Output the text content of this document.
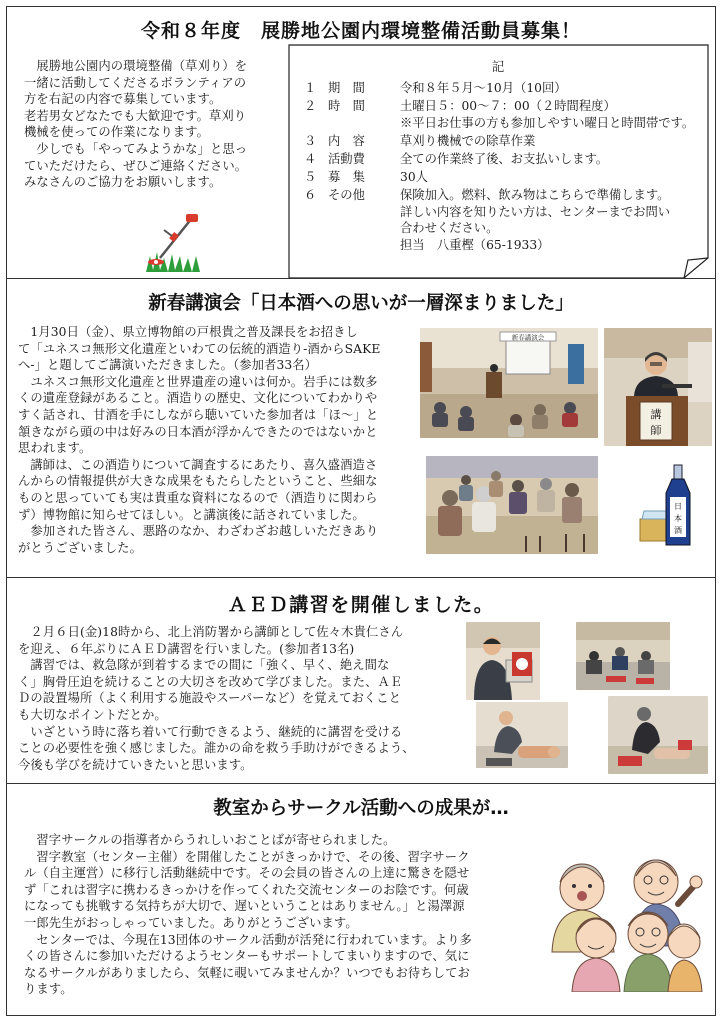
令和８年度　展勝地公園内環境整備活動員募集！

　展勝地公園内の環境整備（草刈り）を
一緒に活動してくださるボランティアの
方を右記の内容で募集しています。
老若男女どなたでも大歓迎です。草刈り
機械を使っての作業になります。
　少しでも「やってみようかな」と思っ
ていただけたら、ぜひご連絡ください。
みなさんのご協力をお願いします。

記
１ 期　間	令和８年５月～10月（10回）
２ 時　間	土曜日５：00～７：00（２時間程度）
※平日お仕事の方も参加しやすい曜日と時間帯です。
３ 内　容	草刈り機械での除草作業
４ 活動費	全ての作業終了後、お支払いします。
５ 募　集	30人
６ その他	保険加入。燃料、飲み物はこちらで準備します。
詳しい内容を知りたい方は、センターまでお問い
合わせください。
担当　八重樫（65-1933）
新春講演会「日本酒への思いが一層深まりました」

　1月30日（金）、県立博物館の戸根貴之普及課長をお招きし
て「ユネスコ無形文化遺産といわての伝統的酒造り-酒からSAKE
へ-」と題してご講演いただきました。（参加者33名）
　ユネスコ無形文化遺産と世界遺産の違いは何か。岩手には数多
くの遺産登録があること。酒造りの歴史、文化についてわかりや
すく話され、甘酒を手にしながら聴いていた参加者は「ほ～」と
頷きながら頭の中は好みの日本酒が浮かんできたのではないかと
思われます。
　講師は、この酒造りについて調査するにあたり、喜久盛酒造さ
んからの情報提供が大きな成果をもたらしたということ、些細な
ものと思っていても実は貴重な資料になるので（酒造りに関わら
ず）博物館に知らせてほしい。と講演後に話されていました。
　参加された皆さん、悪路のなか、わざわざお越しいただきあり
がとうございました。

新春講演会
講
師
日
本
酒
ＡＥＤ講習を開催しました。

　２月６日(金)18時から、北上消防署から講師として佐々木貴仁さん
を迎え、６年ぶりにＡＥＤ講習を行いました。(参加者13名)
　講習では、救急隊が到着するまでの間に「強く、早く、絶え間な
く」胸骨圧迫を続けることの大切さを改めて学びました。また、ＡＥ
Ｄの設置場所（よく利用する施設やスーパーなど）を覚えておくこと
も大切なポイントだとか。
　いざという時に落ち着いて行動できるよう、継続的に講習を受ける
ことの必要性を強く感じました。誰かの命を救う手助けができるよう、
今後も学びを続けていきたいと思います。

教室からサークル活動への成果が…

　習字サークルの指導者からうれしいおことばが寄せられました。
　習字教室（センター主催）を開催したことがきっかけで、その後、習字サーク
ル（自主運営）に移行し活動継続中です。その会員の皆さんの上達に驚きを隠せ
ず「これは習字に携わるきっかけを作ってくれた交流センターのお陰です。何歳
になっても挑戦する気持ちが大切で、遅いということはありません。」と湯澤源
一郎先生がおっしゃっていました。ありがとうございます。
　センターでは、今現在13団体のサークル活動が活発に行われています。より多
くの皆さんに参加いただけるようセンターもサポートしてまいりますので、気に
なるサークルがありましたら、気軽に覗いてみませんか？いつでもお待ちしてお
ります。
